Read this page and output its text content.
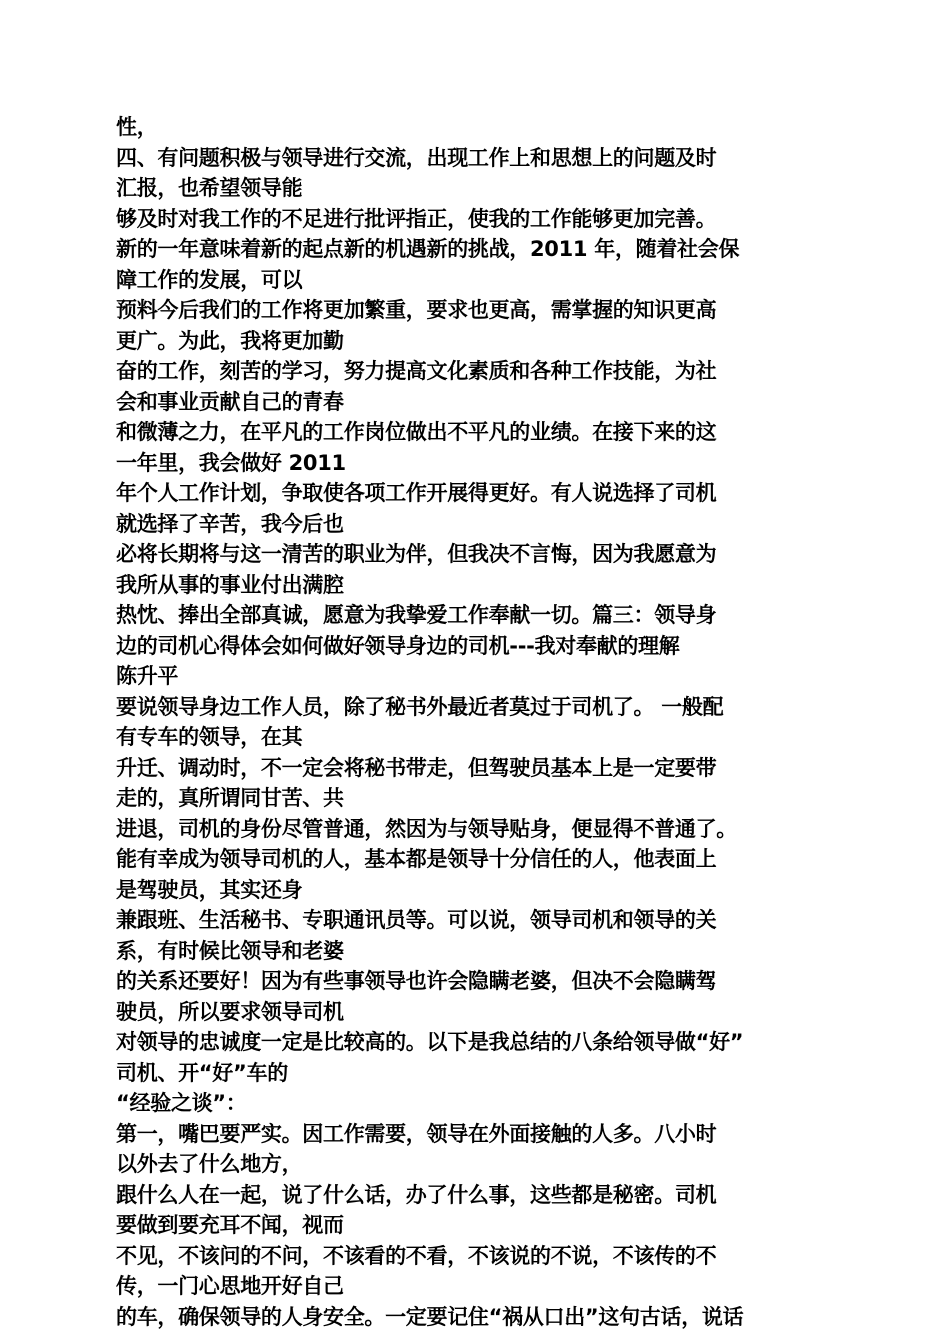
性，
四、有问题积极与领导进行交流，出现工作上和思想上的问题及时
汇报，也希望领导能
够及时对我工作的不足进行批评指正，使我的工作能够更加完善。
新的一年意味着新的起点新的机遇新的挑战，2011 年，随着社会保
障工作的发展，可以
预料今后我们的工作将更加繁重，要求也更高，需掌握的知识更高
更广。为此，我将更加勤
奋的工作，刻苦的学习，努力提高文化素质和各种工作技能，为社
会和事业贡献自己的青春
和微薄之力，在平凡的工作岗位做出不平凡的业绩。在接下来的这
一年里，我会做好 2011
年个人工作计划，争取使各项工作开展得更好。有人说选择了司机
就选择了辛苦，我今后也
必将长期将与这一清苦的职业为伴，但我决不言悔，因为我愿意为
我所从事的事业付出满腔
热忱、捧出全部真诚，愿意为我挚爱工作奉献一切。篇三：领导身
边的司机心得体会如何做好领导身边的司机---我对奉献的理解
陈升平
要说领导身边工作人员，除了秘书外最近者莫过于司机了。 一般配
有专车的领导，在其
升迁、调动时，不一定会将秘书带走，但驾驶员基本上是一定要带
走的，真所谓同甘苦、共
进退，司机的身份尽管普通，然因为与领导贴身，便显得不普通了。
能有幸成为领导司机的人，基本都是领导十分信任的人，他表面上
是驾驶员，其实还身
兼跟班、生活秘书、专职通讯员等。可以说，领导司机和领导的关
系，有时候比领导和老婆
的关系还要好！因为有些事领导也许会隐瞒老婆，但决不会隐瞒驾
驶员，所以要求领导司机
对领导的忠诚度一定是比较高的。以下是我总结的八条给领导做“好”
司机、开“好”车的
“经验之谈”：
第一，嘴巴要严实。因工作需要，领导在外面接触的人多。八小时
以外去了什么地方，
跟什么人在一起，说了什么话，办了什么事，这些都是秘密。司机
要做到要充耳不闻，视而
不见，不该问的不问，不该看的不看，不该说的不说，不该传的不
传，一门心思地开好自己
的车，确保领导的人身安全。一定要记住“祸从口出”这句古话，说话
